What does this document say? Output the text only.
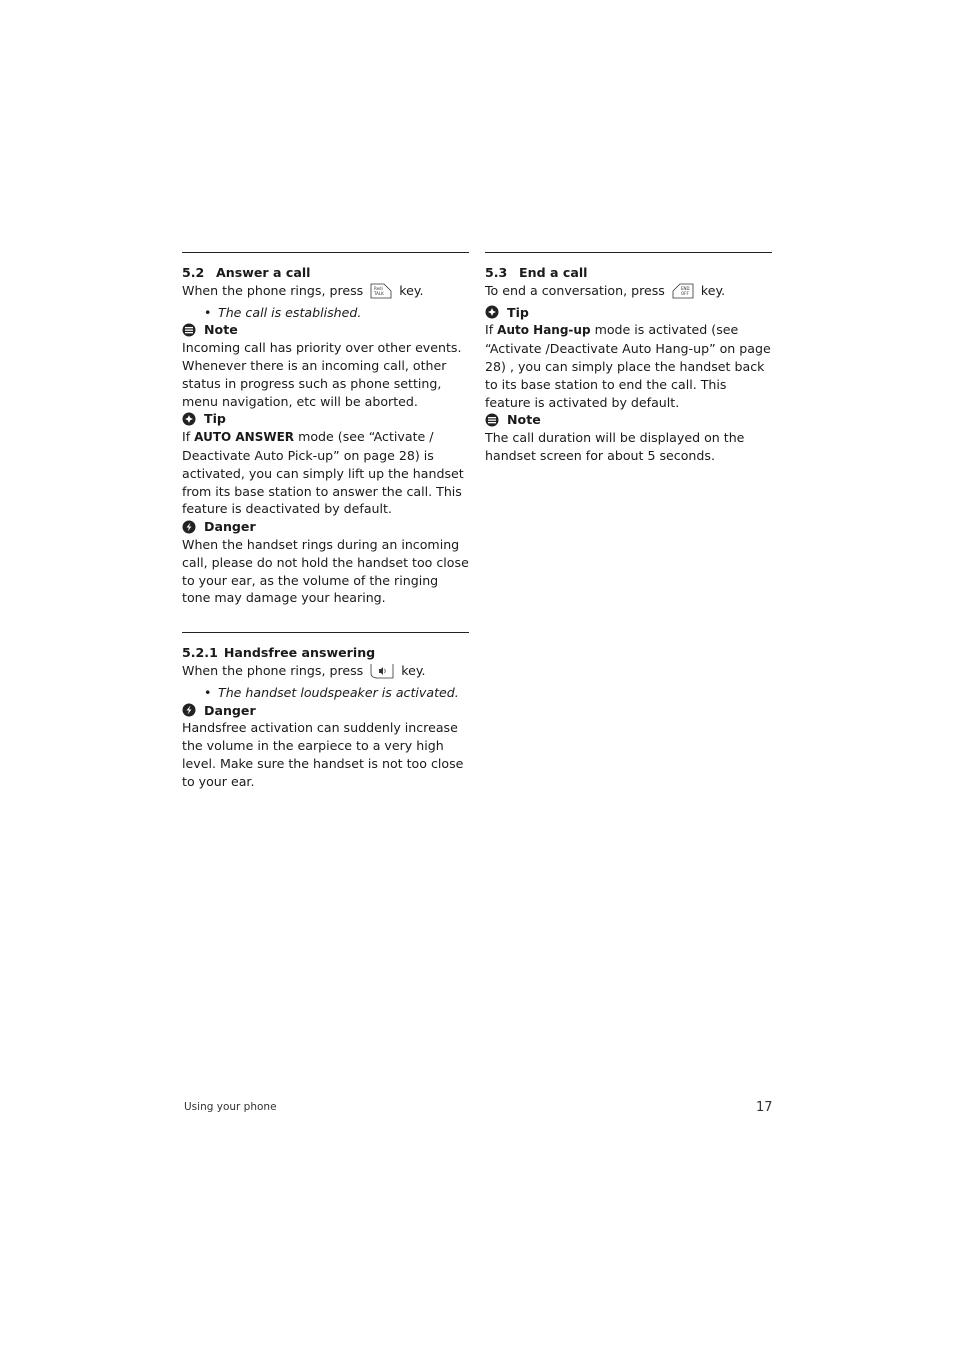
5.2 Answer a call

When the phone rings, press	Redi
TALK key.

• The call is established.
Note

Incoming call has priority over other events. Whenever there is an incoming call, other status in progress such as phone setting, menu navigation, etc will be aborted.

Tip

If AUTO ANSWER mode (see “Activate / Deactivate Auto Pick-up” on page 28) is activated, you can simply lift up the handset from its base station to answer the call. This feature is deactivated by default.

Danger

When the handset rings during an incoming call, please do not hold the handset too close to your ear, as the volume of the ringing tone may damage your hearing.

5.2.1 Handsfree answering

When the phone rings, press	key.

• The handset loudspeaker is activated.
Danger

Handsfree activation can suddenly increase the volume in the earpiece to a very high level. Make sure the handset is not too close to your ear.

5.3 End a call

To end a conversation, press	END
OFF key.

Tip

If Auto Hang-up mode is activated (see “Activate /Deactivate Auto Hang-up” on page 28) , you can simply place the handset back to its base station to end the call. This feature is activated by default.

Note

The call duration will be displayed on the handset screen for about 5 seconds.

Using your phone	17
